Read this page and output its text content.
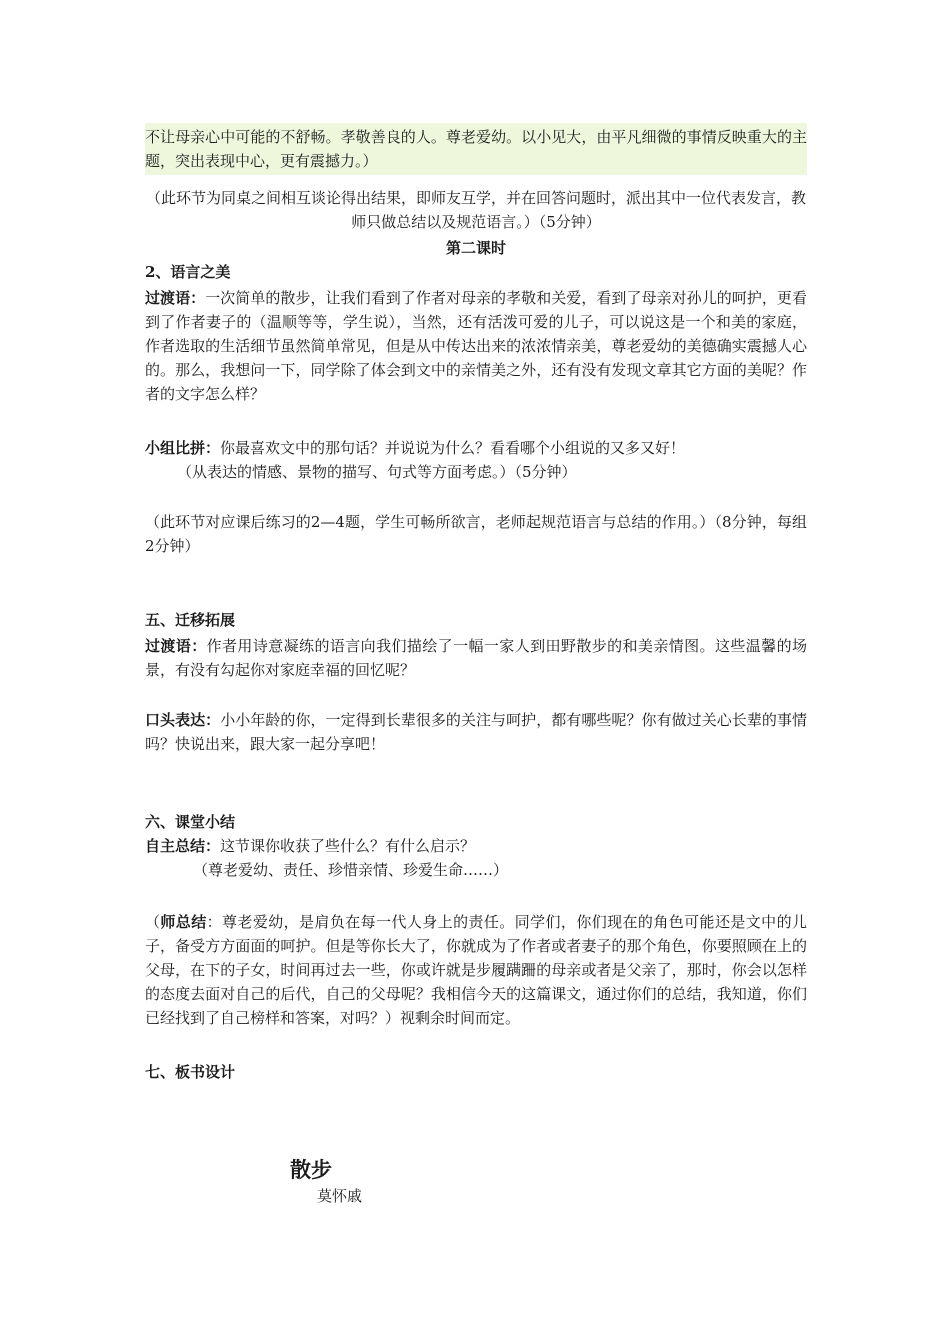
不让母亲心中可能的不舒畅。孝敬善良的人。尊老爱幼。以小见大，由平凡细微的事情反映重大的主题，突出表现中心，更有震撼力。）

（此环节为同桌之间相互谈论得出结果，即师友互学，并在回答问题时，派出其中一位代表发言，教师只做总结以及规范语言。）（5分钟）

第二课时

2、语言之美

过渡语：一次简单的散步，让我们看到了作者对母亲的孝敬和关爱，看到了母亲对孙儿的呵护，更看到了作者妻子的（温顺等等，学生说），当然，还有活泼可爱的儿子，可以说这是一个和美的家庭，作者选取的生活细节虽然简单常见，但是从中传达出来的浓浓情亲美，尊老爱幼的美德确实震撼人心的。那么，我想问一下，同学除了体会到文中的亲情美之外，还有没有发现文章其它方面的美呢？作者的文字怎么样？

小组比拼：你最喜欢文中的那句话？并说说为什么？看看哪个小组说的又多又好！

（从表达的情感、景物的描写、句式等方面考虑。）（5分钟）

（此环节对应课后练习的2—4题，学生可畅所欲言，老师起规范语言与总结的作用。）（8分钟，每组2分钟）

五、迁移拓展

过渡语：作者用诗意凝练的语言向我们描绘了一幅一家人到田野散步的和美亲情图。这些温馨的场景，有没有勾起你对家庭幸福的回忆呢？

口头表达：小小年龄的你，一定得到长辈很多的关注与呵护，都有哪些呢？你有做过关心长辈的事情吗？快说出来，跟大家一起分享吧！

六、课堂小结

自主总结：这节课你收获了些什么？有什么启示？

（尊老爱幼、责任、珍惜亲情、珍爱生命……）

（师总结：尊老爱幼，是肩负在每一代人身上的责任。同学们，你们现在的角色可能还是文中的儿子，备受方方面面的呵护。但是等你长大了，你就成为了作者或者妻子的那个角色，你要照顾在上的父母，在下的子女，时间再过去一些，你或许就是步履蹒跚的母亲或者是父亲了，那时，你会以怎样的态度去面对自己的后代，自己的父母呢？我相信今天的这篇课文，通过你们的总结，我知道，你们已经找到了自己榜样和答案，对吗？）视剩余时间而定。

七、板书设计

散步

莫怀戚
